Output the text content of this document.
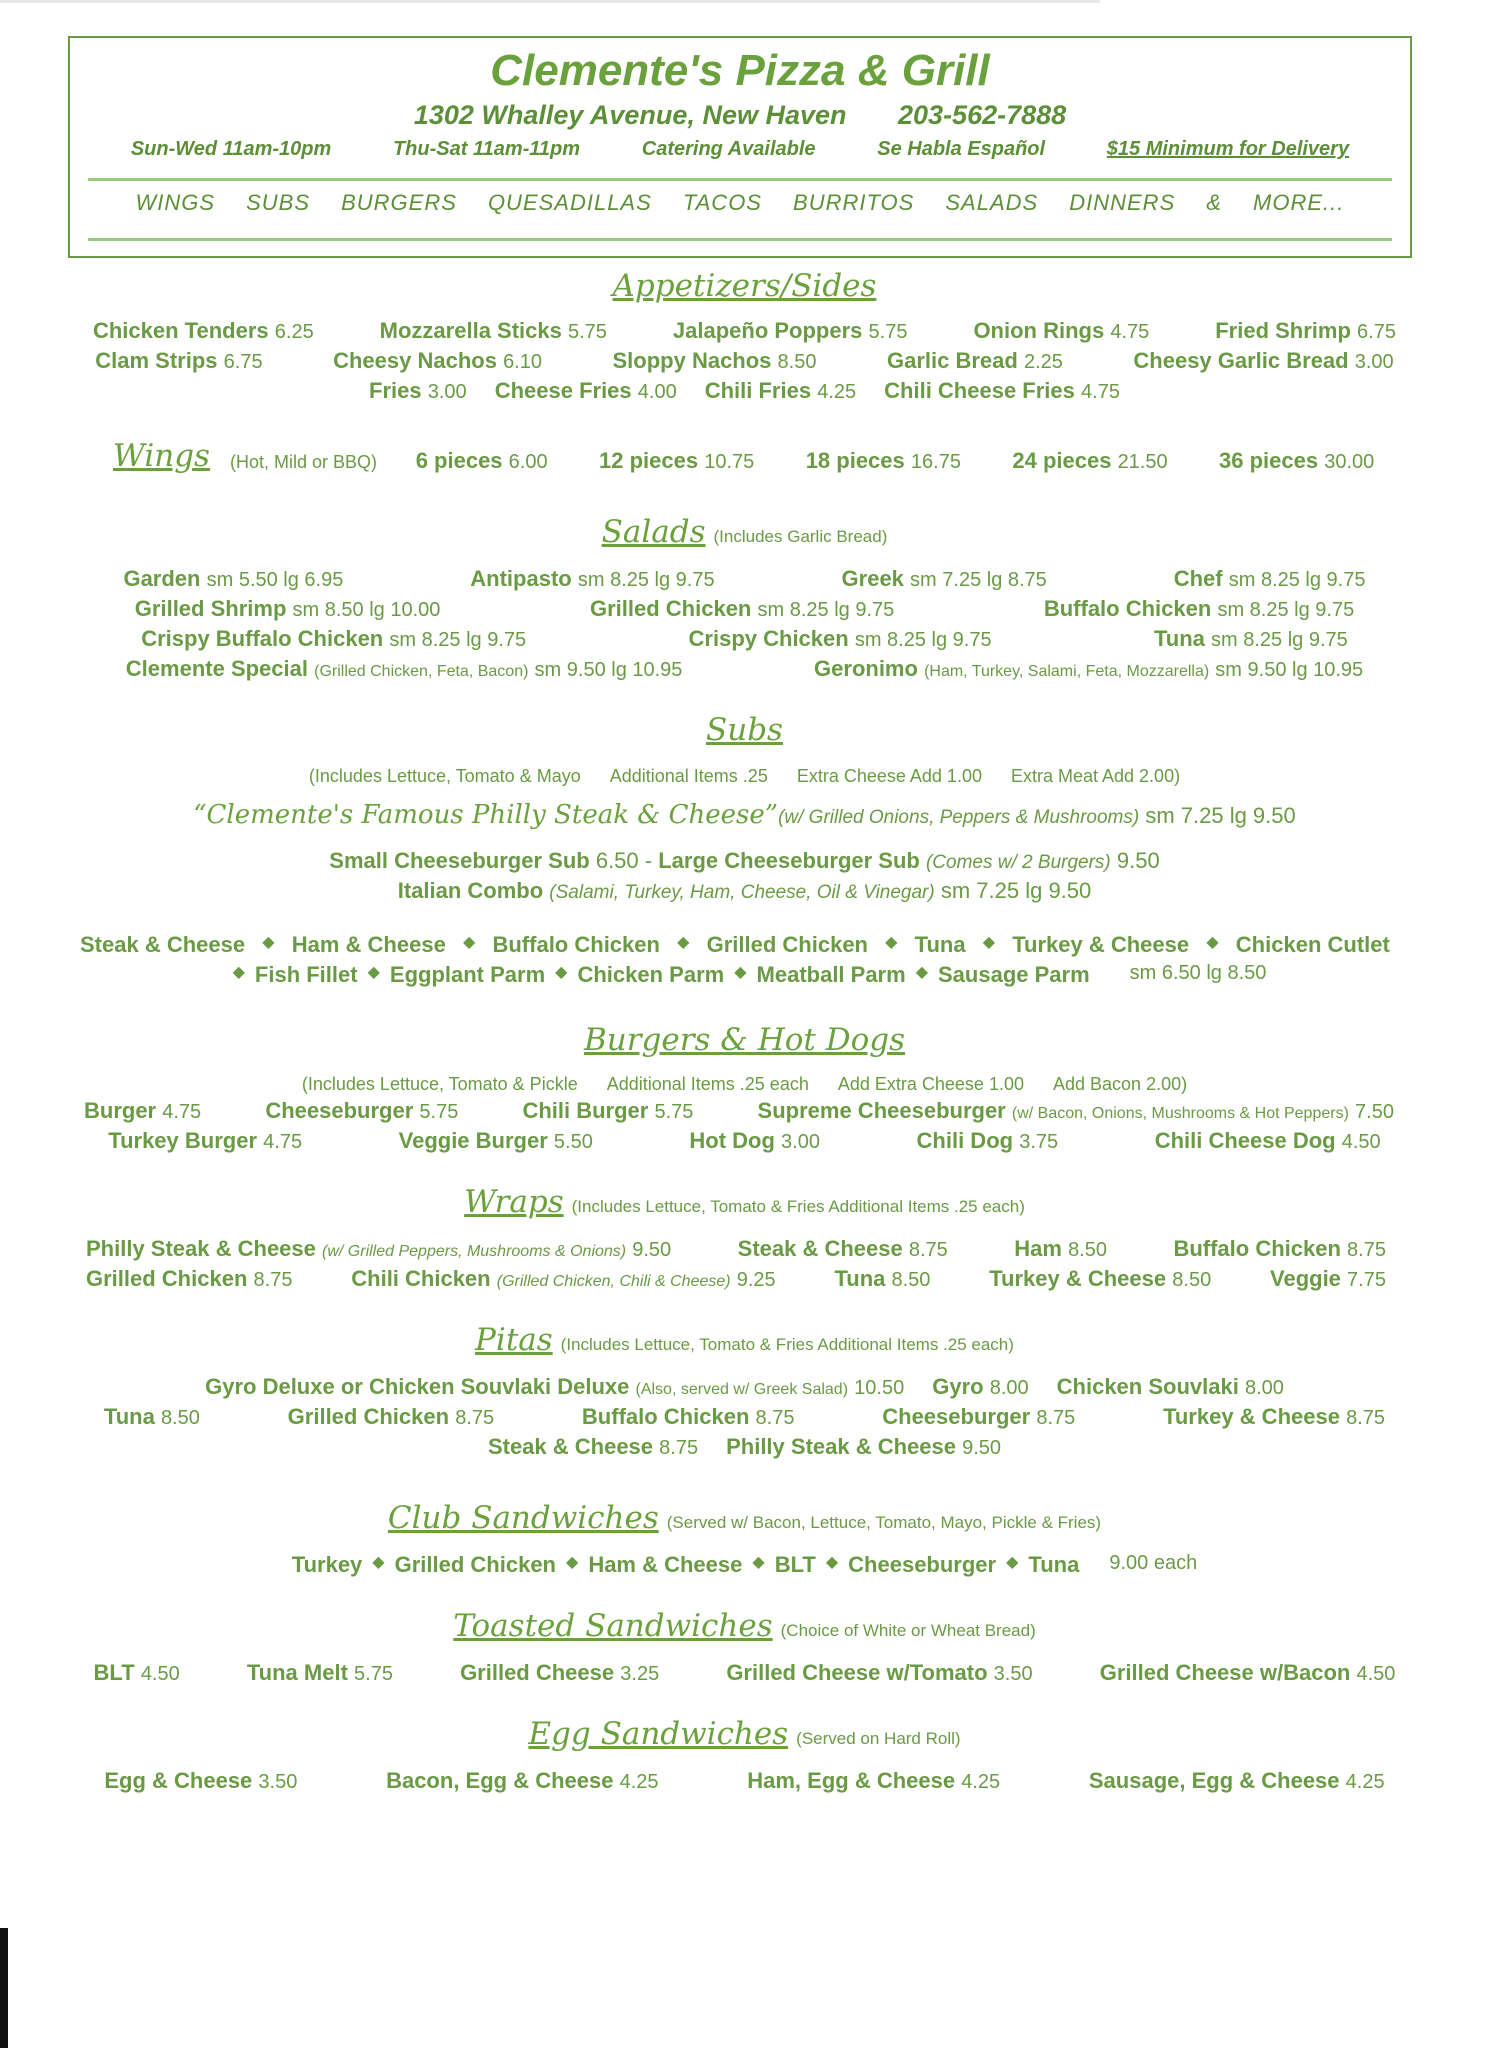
Clemente's Pizza & Grill
1302 Whalley Avenue, New Haven 203-562-7888
Sun-Wed 11am-10pm	Thu-Sat 11am-11pm	Catering Available	Se Habla Español	$15 Minimum for Delivery
WINGS SUBS BURGERS QUESADILLAS TACOS BURRITOS SALADS DINNERS & MORE...
Appetizers/Sides
Chicken Tenders 6.25	Mozzarella Sticks 5.75	Jalapeño Poppers 5.75	Onion Rings 4.75	Fried Shrimp 6.75
Clam Strips 6.75	Cheesy Nachos 6.10	Sloppy Nachos 8.50	Garlic Bread 2.25	Cheesy Garlic Bread 3.00
Fries 3.00 Cheese Fries 4.00 Chili Fries 4.25 Chili Cheese Fries 4.75
Wings (Hot, Mild or BBQ) 6 pieces 6.00 12 pieces 10.75 18 pieces 16.75 24 pieces 21.50 36 pieces 30.00
Salads (Includes Garlic Bread)
Garden sm 5.50 lg 6.95	Antipasto sm 8.25 lg 9.75	Greek sm 7.25 lg 8.75	Chef sm 8.25 lg 9.75
Grilled Shrimp sm 8.50 lg 10.00	Grilled Chicken sm 8.25 lg 9.75	Buffalo Chicken sm 8.25 lg 9.75
Crispy Buffalo Chicken sm 8.25 lg 9.75	Crispy Chicken sm 8.25 lg 9.75	Tuna sm 8.25 lg 9.75
Clemente Special (Grilled Chicken, Feta, Bacon) sm 9.50 lg 10.95	Geronimo (Ham, Turkey, Salami, Feta, Mozzarella) sm 9.50 lg 10.95
Subs
(Includes Lettuce, Tomato & Mayo Additional Items .25 Extra Cheese Add 1.00 Extra Meat Add 2.00)
“Clemente's Famous Philly Steak & Cheese”(w/ Grilled Onions, Peppers & Mushrooms) sm 7.25 lg 9.50
Small Cheeseburger Sub 6.50 - Large Cheeseburger Sub (Comes w/ 2 Burgers) 9.50
Italian Combo (Salami, Turkey, Ham, Cheese, Oil & Vinegar) sm 7.25 lg 9.50
Steak & Cheese ◆ Ham & Cheese ◆ Buffalo Chicken ◆ Grilled Chicken ◆ Tuna ◆ Turkey & Cheese ◆ Chicken Cutlet
◆ Fish Fillet ◆ Eggplant Parm ◆ Chicken Parm ◆ Meatball Parm ◆ Sausage Parm sm 6.50 lg 8.50
Burgers & Hot Dogs
(Includes Lettuce, Tomato & Pickle Additional Items .25 each Add Extra Cheese 1.00 Add Bacon 2.00)
Burger 4.75	Cheeseburger 5.75	Chili Burger 5.75	Supreme Cheeseburger (w/ Bacon, Onions, Mushrooms & Hot Peppers) 7.50
Turkey Burger 4.75	Veggie Burger 5.50	Hot Dog 3.00	Chili Dog 3.75	Chili Cheese Dog 4.50
Wraps (Includes Lettuce, Tomato & Fries Additional Items .25 each)
Philly Steak & Cheese (w/ Grilled Peppers, Mushrooms & Onions) 9.50	Steak & Cheese 8.75	Ham 8.50	Buffalo Chicken 8.75
Grilled Chicken 8.75	Chili Chicken (Grilled Chicken, Chili & Cheese) 9.25	Tuna 8.50	Turkey & Cheese 8.50	Veggie 7.75
Pitas (Includes Lettuce, Tomato & Fries Additional Items .25 each)
Gyro Deluxe or Chicken Souvlaki Deluxe (Also, served w/ Greek Salad) 10.50 Gyro 8.00 Chicken Souvlaki 8.00
Tuna 8.50	Grilled Chicken 8.75	Buffalo Chicken 8.75	Cheeseburger 8.75	Turkey & Cheese 8.75
Steak & Cheese 8.75 Philly Steak & Cheese 9.50
Club Sandwiches (Served w/ Bacon, Lettuce, Tomato, Mayo, Pickle & Fries)
Turkey ◆ Grilled Chicken ◆ Ham & Cheese ◆ BLT ◆ Cheeseburger ◆ Tuna 9.00 each
Toasted Sandwiches (Choice of White or Wheat Bread)
BLT 4.50	Tuna Melt 5.75	Grilled Cheese 3.25	Grilled Cheese w/Tomato 3.50	Grilled Cheese w/Bacon 4.50
Egg Sandwiches (Served on Hard Roll)
Egg & Cheese 3.50	Bacon, Egg & Cheese 4.25	Ham, Egg & Cheese 4.25	Sausage, Egg & Cheese 4.25
